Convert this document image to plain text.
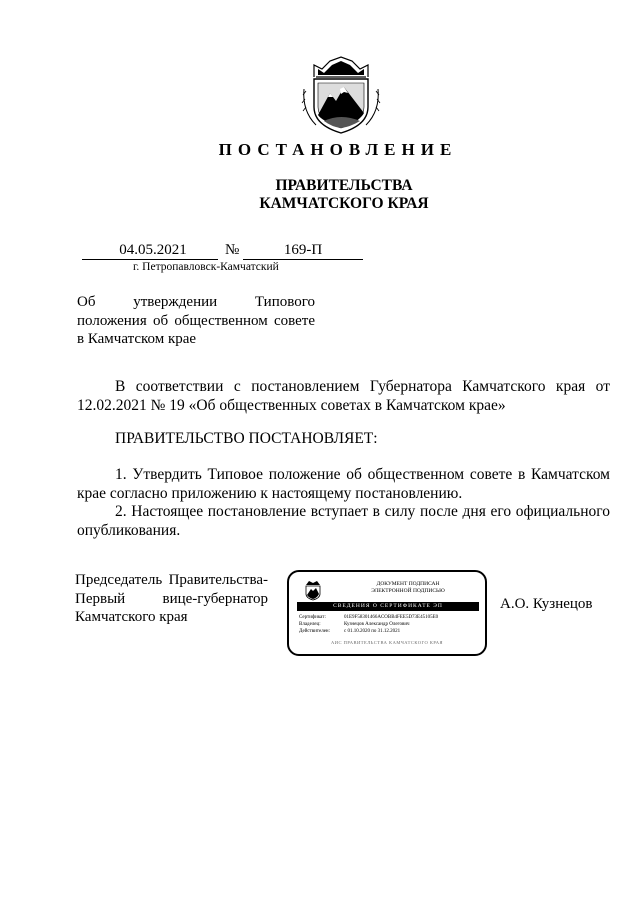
ПОСТАНОВЛЕНИЕ
ПРАВИТЕЛЬСТВА
КАМЧАТСКОГО КРАЯ
04.05.2021	№	169-П
г. Петропавловск-Камчатский
Об утверждении Типового положения об общественном совете в Камчатском крае
В соответствии с постановлением Губернатора Камчатского края от 12.02.2021 № 19 «Об общественных советах в Камчатском крае»
ПРАВИТЕЛЬСТВО ПОСТАНОВЛЯЕТ:
1. Утвердить Типовое положение об общественном совете в Камчатском крае согласно приложению к настоящему постановлению.
2. Настоящее постановление вступает в силу после дня его официального опубликования.
Председатель Правительства-
Первый вице-губернатор
Камчатского края
ДОКУМЕНТ ПОДПИСАН
ЭЛЕКТРОННОЙ ПОДПИСЬЮ
СВЕДЕНИЯ О СЕРТИФИКАТЕ ЭП
Сертификат:	01E9F58301466ACOBB4FEE5D73E45105E0
Владелец:	Кузнецов Александр Олегович
Действителен:	с 01.10.2020 по 31.12.2021
АИС ПРАВИТЕЛЬСТВА КАМЧАТСКОГО КРАЯ
А.О. Кузнецов
